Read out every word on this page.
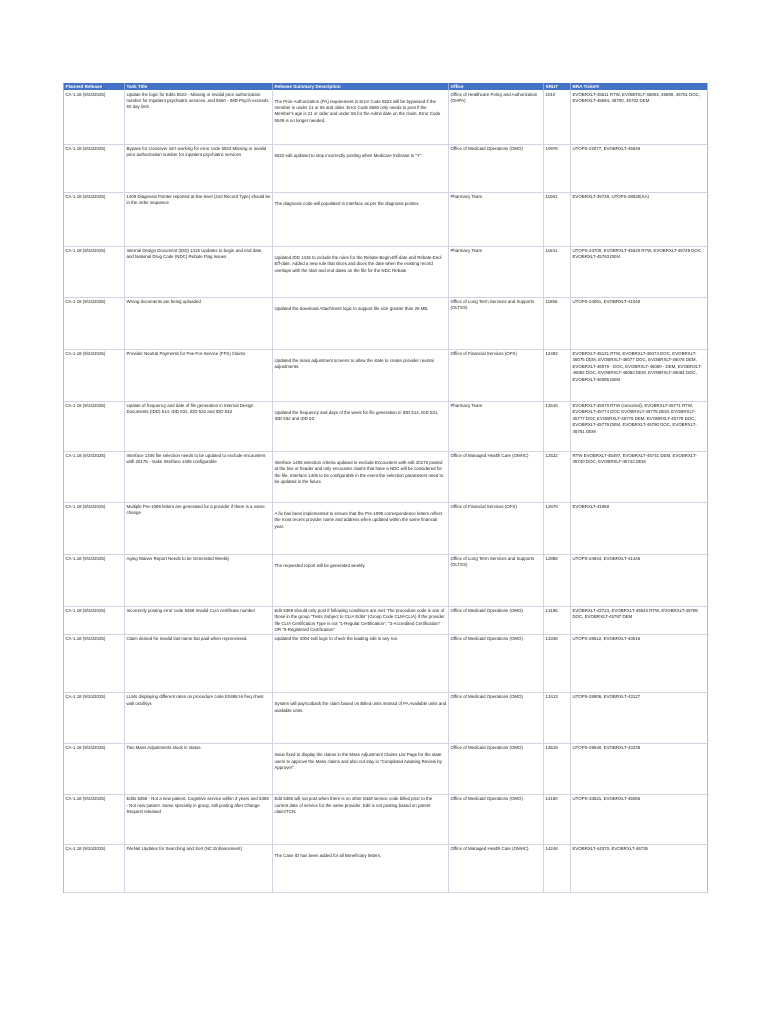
Planned Release	Task Title	Release Summary Description	Office	SRUT	BRA Ticket#
CA-1.18 (9/24/2025)	Update the logic for Edits 5522 - Missing or invalid prior authorization number for Inpatient psychiatric services, and 5560 - IMD Psych exceeds 60 day limit	The Prior Authorization (PA) requirement in Error Code 5522 will be bypassed if the member is under 21 or 65 and older. Error Code 5560 only needs to post if the Member's age is 21 or older and under 65 for the Admit date on the claim. Error Code 5549 is no longer needed.	Office of Healthcare Policy and Authorization (OHPA)	1010	EVOBRXLT-45611 RTW, EVOBRXLT-45693, 45699, 45701 DOC, EVOBRXLT-45694, 45700, 45702 DEM
CA-1.18 (9/24/2025)	Bypass for crossover isn't working for error code 5522 Missing or invalid prior authorization number for inpatient psychiatric services	5522 edit updated to stop incorrectly posting when Medicare Indicator is "Y".	Office of Medicaid Operations (OMO)	10976	UTOPS-22077, EVOBRXLT-45649
CA-1.18 (9/24/2025)	1409 Diagnosis Pointer reported at line level (210 Record Type) should be in the order sequence	The diagnosis code will populated in interface as per the diagnosis pointer.	Pharmacy Team	11061	EVOBRXLT-39728, UTOPS-28630(SA)
CA-1.18 (9/24/2025)	Internal Design Document (IDD) 1415 Updates to begin and end date, and National Drug Code (NDC) Rebate Flag Issues	Updated IDD 1415 to include the rules for the Rebate-Begin-Eff-date and Rebate-End-Eff-date. Added a new rule that slices and dices the date when the existing record overlaps with the start and end dates on the file for the NDC Rebate.	Pharmacy Team	11641	UTOPS-23700, EVOBRXLT-45620 RTW, EVOBRXLT-45749 DOC, EVOBRXLT-45763 DEM
CA-1.18 (9/24/2025)	Wrong documents are being uploaded	Updated the download Attachment logic to support file size greater than 25 MB.	Office of Long Term Services and Supports (OLTSS)	11955	UTOPS-24061, EVOBRXLT-41040
CA-1.18 (9/24/2025)	Provider Neutral Payments for Fee-For-Service (FFS) Claims	Updated the mass adjustment screens to allow the state to create provider neutral adjustments.	Office of Financial Services (OFS)	12492	EVOBRXLT-45131 RTW, EVOBRXLT-46074 DOC, EVOBRXLT-46075 DEM, EVOBRXLT-46077 DOC, EVOBRXLT-46078 DEM, EVOBRXLT-46079 - DOC, EVOBRXLT-46080 - DEM, EVOBRXLT-46082 DOC, EVOBRXLT-46083 DEM, EVOBRXLT-46084 DOC, EVOBRXLT-46085 DEM
CA-1.18 (9/24/2025)	Update of frequency and date of file generation in Internal Design Documents (IDD) 514, IDD 531, IDD 532 and IDD 533	Updated the frequency and days of the week for file generation in IDD 514, IDD 531, IDD 532 and IDD 53	Pharmacy Team	12515	EVOBRXLT-45070 RTW (canceled), EVOBRXLT-45771 RTW, EVOBRXLT-45774 DOC EVOBRXLT-45775 DEM, EVOBRXLT-45777 DOC EVOBRXLT-45776 DEM, EVOBRXLT-45778 DOC, EVOBRXLT-45779 DEM, EVOBRXLT-45780 DOC, EVOBRXLT-45781 DEM
CA-1.18 (9/24/2025)	Interface 1405 file selection needs to be updated to exclude encounters with 20175 - make Interface 1405 configurable	Interface 1405 selection criteria updated to exclude Encounters with edit 20175 posted at the line or header and only encounter claims that have a NDC will be considered for the file. Interface 1405 to be configurable in the event the selection parameters need to be updated in the future.	Office of Managed Health Care (OMHC)	12522	RTW EVOBRXLT-45497, EVOBRXLT-45741 DEM, EVOBRXLT-45740 DOC, EVOBRXLT-45742 DEM
CA-1.18 (9/24/2025)	Multiple Pre-1099 letters are generated for a provider if there is a name change	A fix has been implemented to ensure that the Pre-1099 correspondence letters reflect the most recent provider name and address when updated within the same financial year.	Office of Financial Services (OFS)	12670	EVOBRXLT-41958
CA-1.18 (9/24/2025)	Aging Waiver Report Needs to be Generated Weekly	The requested report will be generated weekly.	Office of Long Term Services and Supports (OLTSS)	12888	UTOPS-24944, EVOBRXLT-41445
CA-1.18 (9/24/2025)	Incorrectly posting error code 5369 Invalid CLIA certificate number	Edit 5369 should only post if following conditions are met: The procedure code is one of those in the group "Tests Subject to CLIA Edits" (Group Code CLM-CLIA) If the provider file CLIA Certification Type is not "1-Regular Certification", "3-Accredited Certification" OR "5-Registered Certification"	Office of Medicaid Operations (OMO)	13185	EVOBRXLT-42724, EVOBRXLT-45543 RTW, EVOBRXLT-45786 DOC, EVOBRXLT-45787 DEM
CA-1.18 (9/24/2025)	Claim denied for invalid last name but paid when reprocessed.	Updated the 2004 edit logic to check the loading edit in any run.	Office of Medicaid Operations (OMO)	13346	UTOPS-28612, EVOBRXLT-43016
CA-1.18 (9/24/2025)	LLMs displaying different rates on procedure code E0488 Hi freq chest wall oscillsys	System will pay/cutback the claim based on Billed units instead of PA Available units and available units.	Office of Medicaid Operations (OMO)	13413	UTOPS-28806, EVOBRXLT-43127
CA-1.18 (9/24/2025)	Two Mass Adjustments stuck in status.	Issue fixed to display the claims in the Mass Adjustment Claims List Page for the state users to approve the Mass claims and also not stay in "Completed Awaiting Review by Approver".	Office of Medicaid Operations (OMO)	13519	UTOPS-29540, EVOBRXLT-43235
CA-1.18 (9/24/2025)	Edits 5355 - Not a new patient. Cognitive service within 3 years and 5368 - Not new patient. Same specialty in group, still posting after Change Request released	Edit 5355 will not post when there is no other E&M service code billed prior to the current date of service for the same provider. Edit is not posting based on parent claim/TCN.	Office of Medicaid Operations (OMO)	14160	UTOPS-33521, EVOBRXLT-45065
CA-1.18 (9/24/2025)	FileNet Updates for Searching and Sort (NC Enhancement)	The Case ID has been added for all Beneficiary letters.	Office of Managed Health Care (OMHC)	14248	EVOBRXLT-44370, EVOBRXLT-46735
